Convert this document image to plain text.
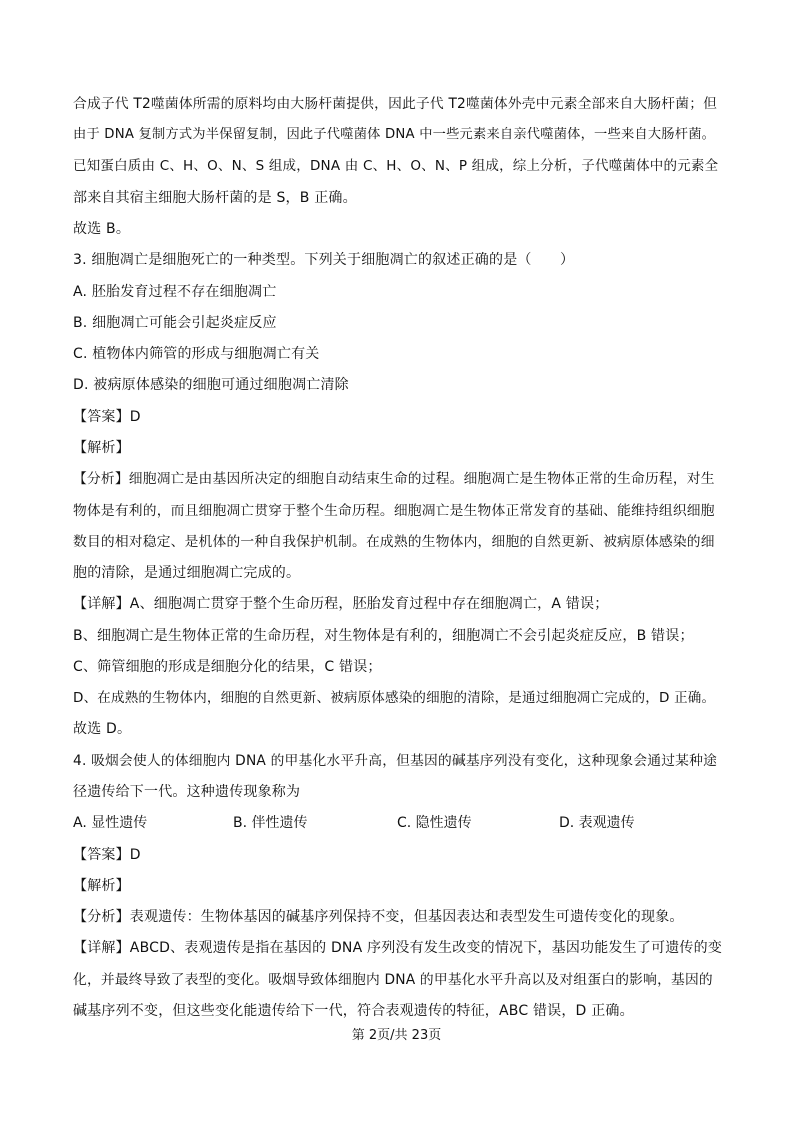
合成子代 T2噬菌体所需的原料均由大肠杆菌提供，因此子代 T2噬菌体外壳中元素全部来自大肠杆菌；但
由于 DNA 复制方式为半保留复制，因此子代噬菌体 DNA 中一些元素来自亲代噬菌体，一些来自大肠杆菌。
已知蛋白质由 C、H、O、N、S 组成，DNA 由 C、H、O、N、P 组成，综上分析，子代噬菌体中的元素全
部来自其宿主细胞大肠杆菌的是 S，B 正确。
故选 B。
3. 细胞凋亡是细胞死亡的一种类型。下列关于细胞凋亡的叙述正确的是（　　）
A. 胚胎发育过程不存在细胞凋亡
B. 细胞凋亡可能会引起炎症反应
C. 植物体内筛管的形成与细胞凋亡有关
D. 被病原体感染的细胞可通过细胞凋亡清除
【答案】D
【解析】
【分析】细胞凋亡是由基因所决定的细胞自动结束生命的过程。细胞凋亡是生物体正常的生命历程，对生
物体是有利的，而且细胞凋亡贯穿于整个生命历程。细胞凋亡是生物体正常发育的基础、能维持组织细胞
数目的相对稳定、是机体的一种自我保护机制。在成熟的生物体内，细胞的自然更新、被病原体感染的细
胞的清除，是通过细胞凋亡完成的。
【详解】A、细胞凋亡贯穿于整个生命历程，胚胎发育过程中存在细胞凋亡，A 错误；
B、细胞凋亡是生物体正常的生命历程，对生物体是有利的，细胞凋亡不会引起炎症反应，B 错误；
C、筛管细胞的形成是细胞分化的结果，C 错误；
D、在成熟的生物体内，细胞的自然更新、被病原体感染的细胞的清除，是通过细胞凋亡完成的，D 正确。
故选 D。
4. 吸烟会使人的体细胞内 DNA 的甲基化水平升高，但基因的碱基序列没有变化，这种现象会通过某种途
径遗传给下一代。这种遗传现象称为
A. 显性遗传	B. 伴性遗传	C. 隐性遗传	D. 表观遗传
【答案】D
【解析】
【分析】表观遗传：生物体基因的碱基序列保持不变，但基因表达和表型发生可遗传变化的现象。
【详解】ABCD、表观遗传是指在基因的 DNA 序列没有发生改变的情况下，基因功能发生了可遗传的变
化，并最终导致了表型的变化。吸烟导致体细胞内 DNA 的甲基化水平升高以及对组蛋白的影响，基因的
碱基序列不变，但这些变化能遗传给下一代，符合表观遗传的特征，ABC 错误，D 正确。
第 2页/共 23页
